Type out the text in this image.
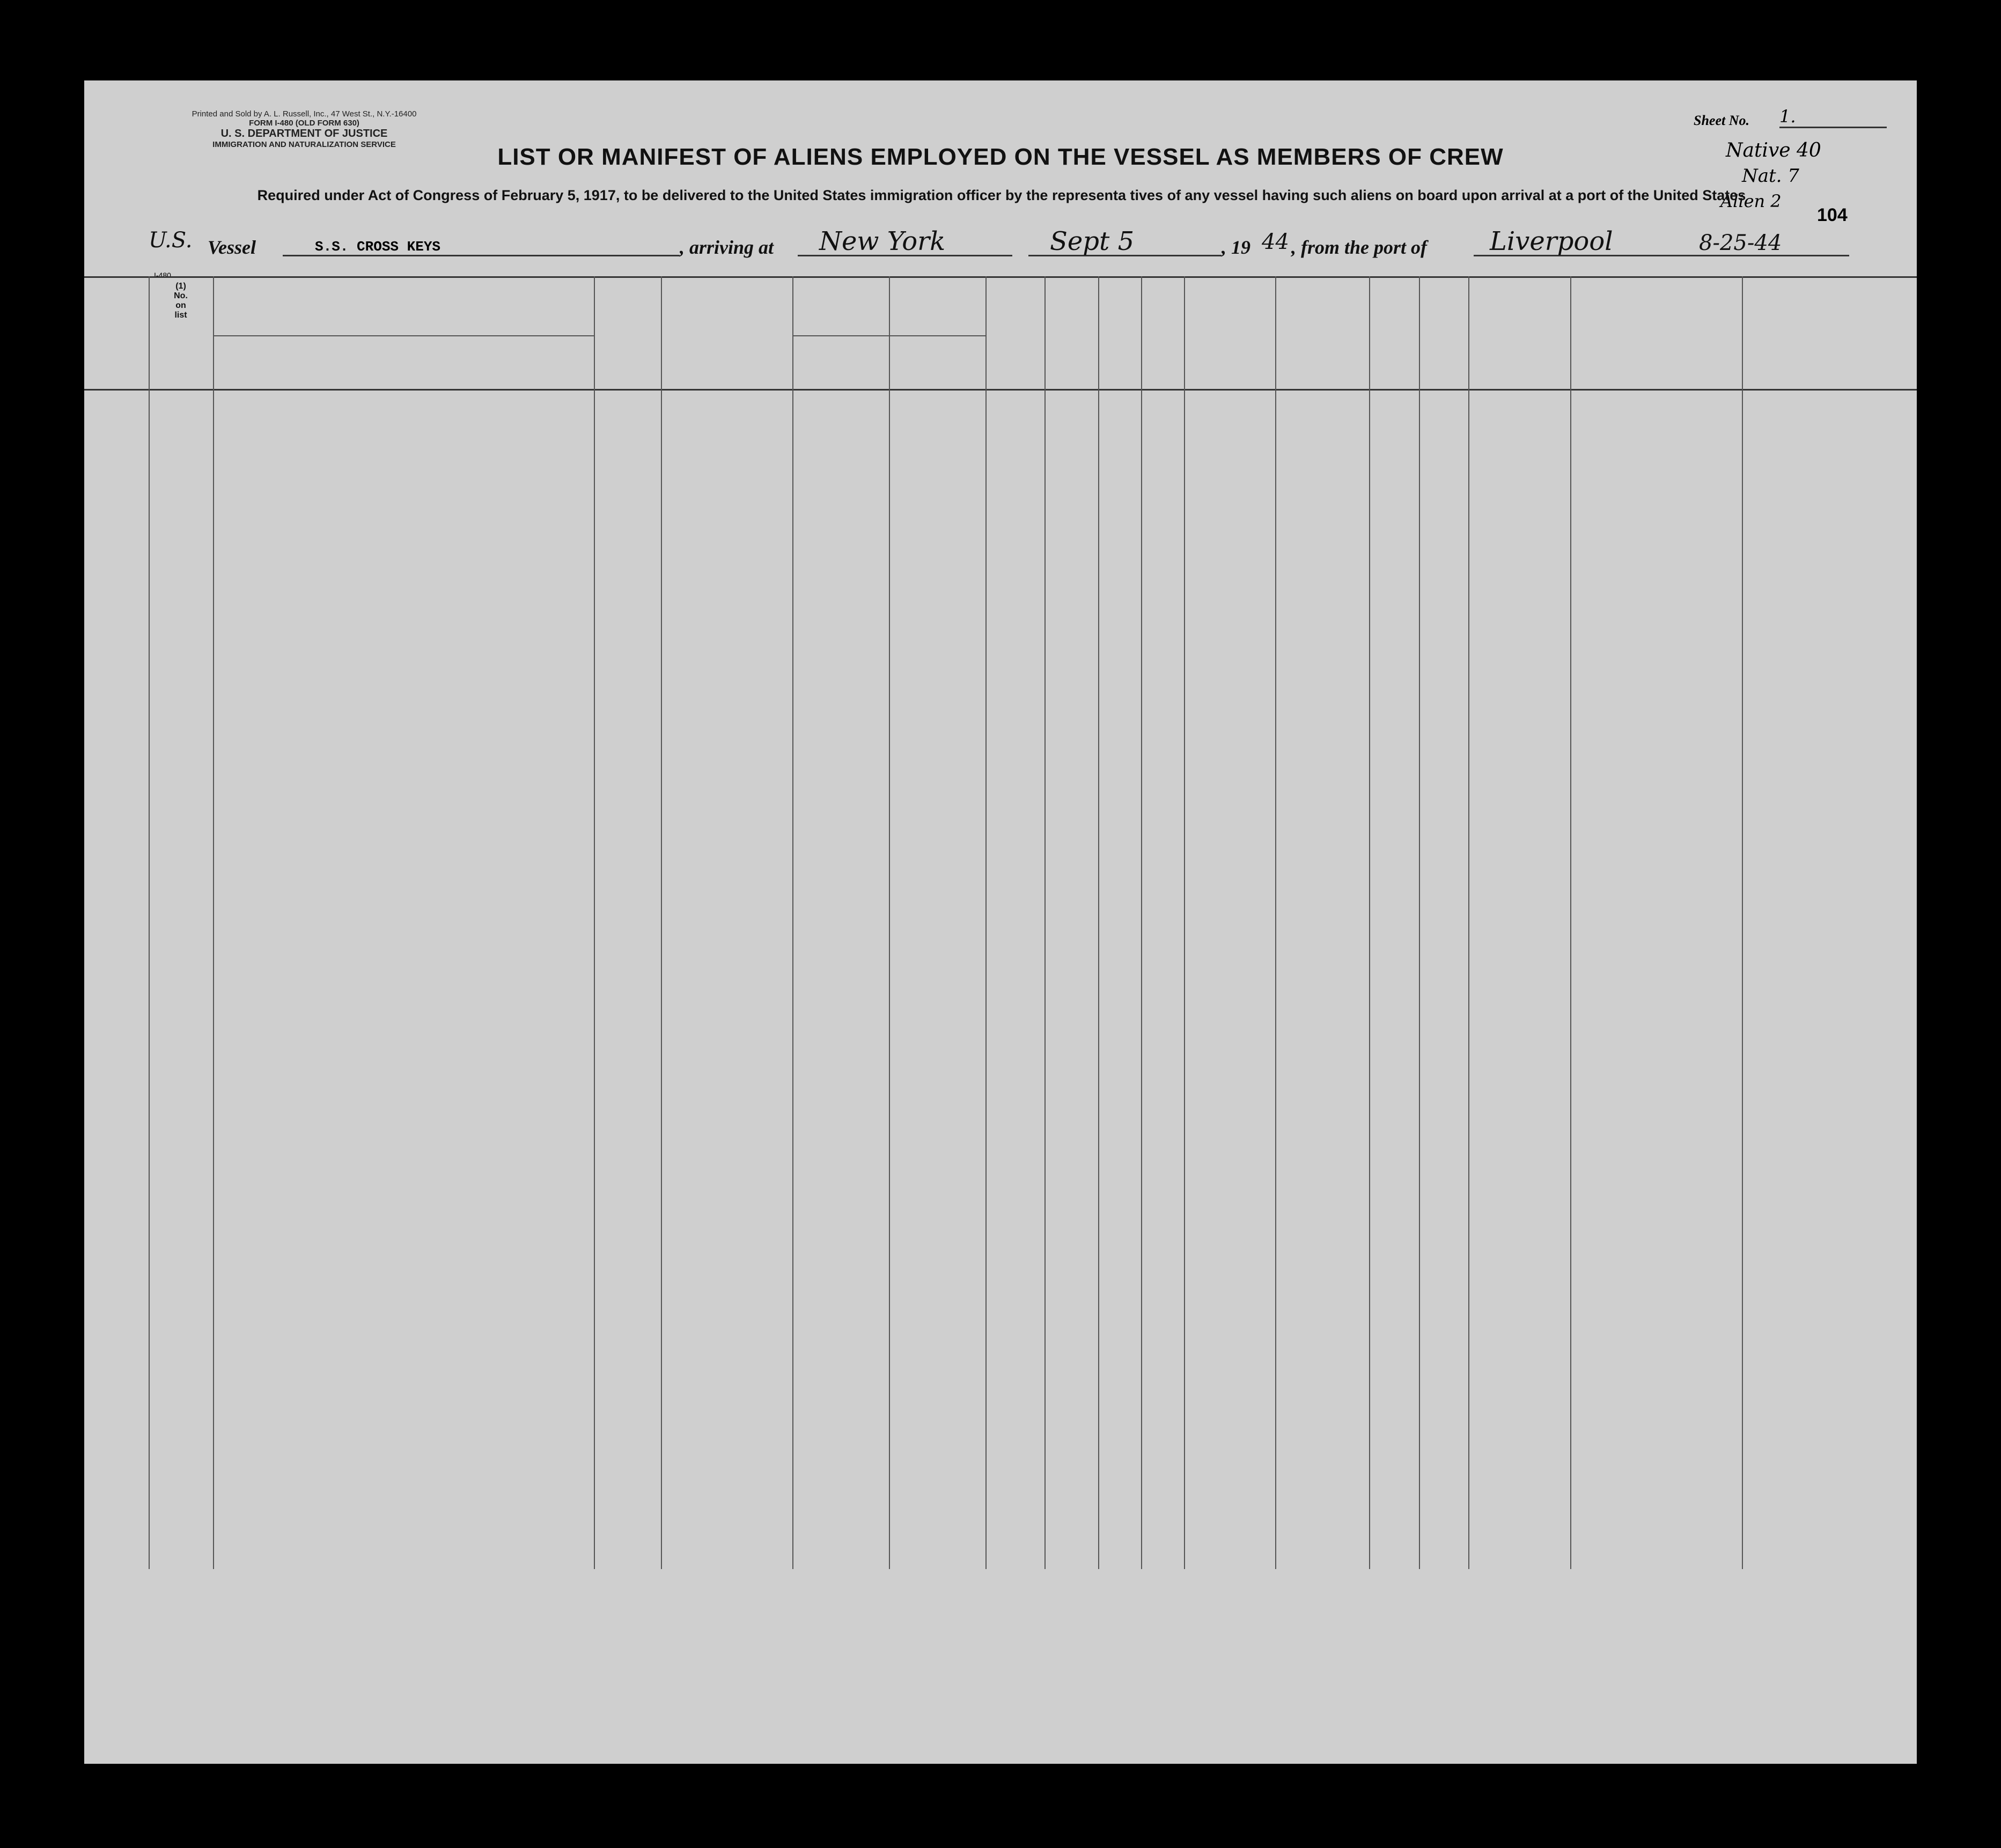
Printed and Sold by A. L. Russell, Inc., 47 West St., N.Y.-16400
FORM I-480 (OLD FORM 630)
U. S. DEPARTMENT OF JUSTICE
IMMIGRATION AND NATURALIZATION SERVICE
Sheet No. 1.
Native 40
Nat. 7
Alien 2
104
LIST OR MANIFEST OF ALIENS EMPLOYED ON THE VESSEL AS MEMBERS OF CREW
Required under Act of Congress of February 5, 1917, to be delivered to the United States immigration officer by the representa tives of any vessel having such aliens on board upon arrival at a port of the United States
U.S. Vessel	S.S. CROSS KEYS	, arriving at New York	Sept 5	, 19 44 , from the port of Liverpool	8-25-44
I-480
(1)
No.
on
list
